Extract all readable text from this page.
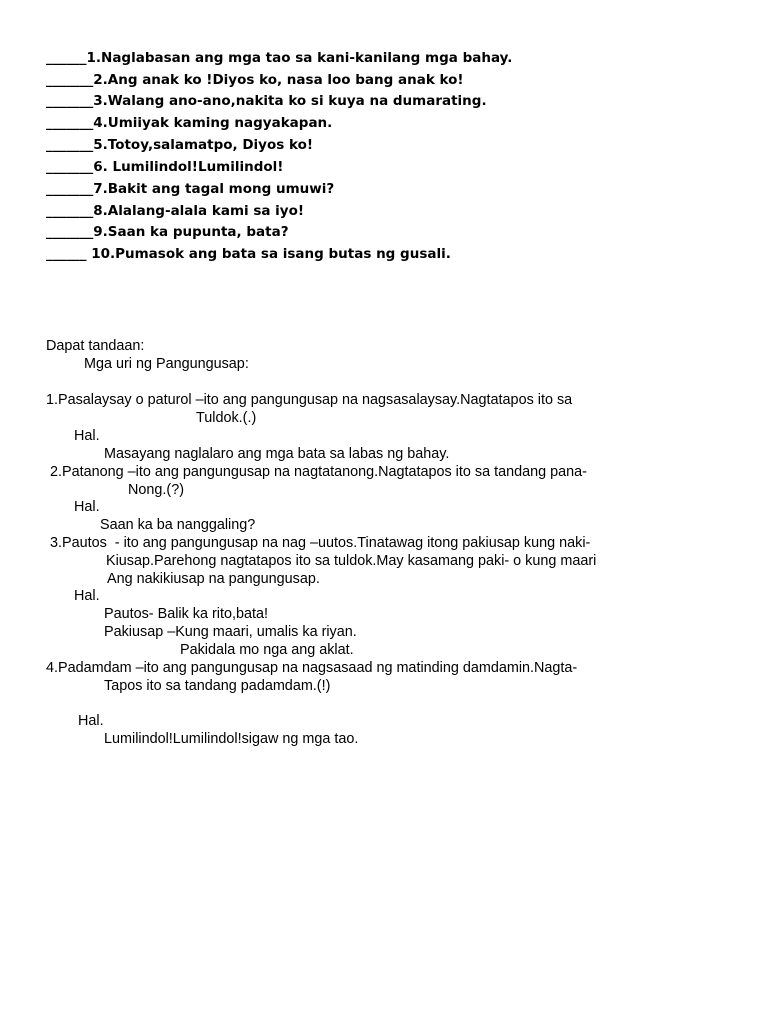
______1.Naglabasan ang mga tao sa kani-kanilang mga bahay.
_______2.Ang anak ko !Diyos ko, nasa loo bang anak ko!
_______3.Walang ano-ano,nakita ko si kuya na dumarating.
_______4.Umiiyak kaming nagyakapan.
_______5.Totoy,salamatpo, Diyos ko!
_______6. Lumilindol!Lumilindol!
_______7.Bakit ang tagal mong umuwi?
_______8.Alalang-alala kami sa iyo!
_______9.Saan ka pupunta, bata?
______ 10.Pumasok ang bata sa isang butas ng gusali.
Dapat tandaan:
Mga uri ng Pangungusap:
1.Pasalaysay o paturol –ito ang pangungusap na nagsasalaysay.Nagtatapos ito sa
Tuldok.(.)
Hal.
Masayang naglalaro ang mga bata sa labas ng bahay.
2.Patanong –ito ang pangungusap na nagtatanong.Nagtatapos ito sa tandang pana-
Nong.(?)
Hal.
Saan ka ba nanggaling?
3.Pautos  - ito ang pangungusap na nag –uutos.Tinatawag itong pakiusap kung naki-
Kiusap.Parehong nagtatapos ito sa tuldok.May kasamang paki- o kung maari
Ang nakikiusap na pangungusap.
Hal.
Pautos- Balik ka rito,bata!
Pakiusap –Kung maari, umalis ka riyan.
Pakidala mo nga ang aklat.
4.Padamdam –ito ang pangungusap na nagsasaad ng matinding damdamin.Nagta-
Tapos ito sa tandang padamdam.(!)
Hal.
Lumilindol!Lumilindol!sigaw ng mga tao.
